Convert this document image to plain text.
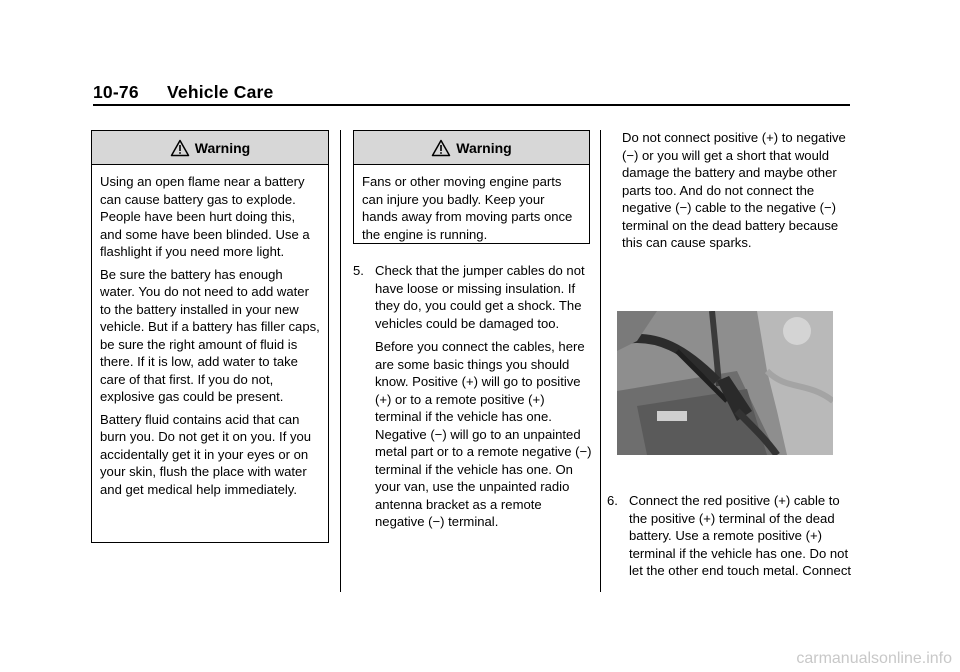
10-76 Vehicle Care
Warning

Using an open flame near a battery can cause battery gas to explode. People have been hurt doing this, and some have been blinded. Use a flashlight if you need more light.

Be sure the battery has enough water. You do not need to add water to the battery installed in your new vehicle. But if a battery has filler caps, be sure the right amount of fluid is there. If it is low, add water to take care of that first. If you do not, explosive gas could be present.

Battery fluid contains acid that can burn you. Do not get it on you. If you accidentally get it in your eyes or on your skin, flush the place with water and get medical help immediately.

Warning

Fans or other moving engine parts can injure you badly. Keep your hands away from moving parts once the engine is running.

5. Check that the jumper cables do not have loose or missing insulation. If they do, you could get a shock. The vehicles could be damaged too.

Before you connect the cables, here are some basic things you should know. Positive (+) will go to positive (+) or to a remote positive (+) terminal if the vehicle has one. Negative (−) will go to an unpainted metal part or to a remote negative (−) terminal if the vehicle has one. On your van, use the unpainted radio antenna bracket as a remote negative (−) terminal.

Do not connect positive (+) to negative (−) or you will get a short that would damage the battery and maybe other parts too. And do not connect the negative (−) cable to the negative (−) terminal on the dead battery because this can cause sparks.
6. Connect the red positive (+) cable to the positive (+) terminal of the dead battery. Use a remote positive (+) terminal if the vehicle has one. Do not let the other end touch metal. Connect
carmanualsonline.info
